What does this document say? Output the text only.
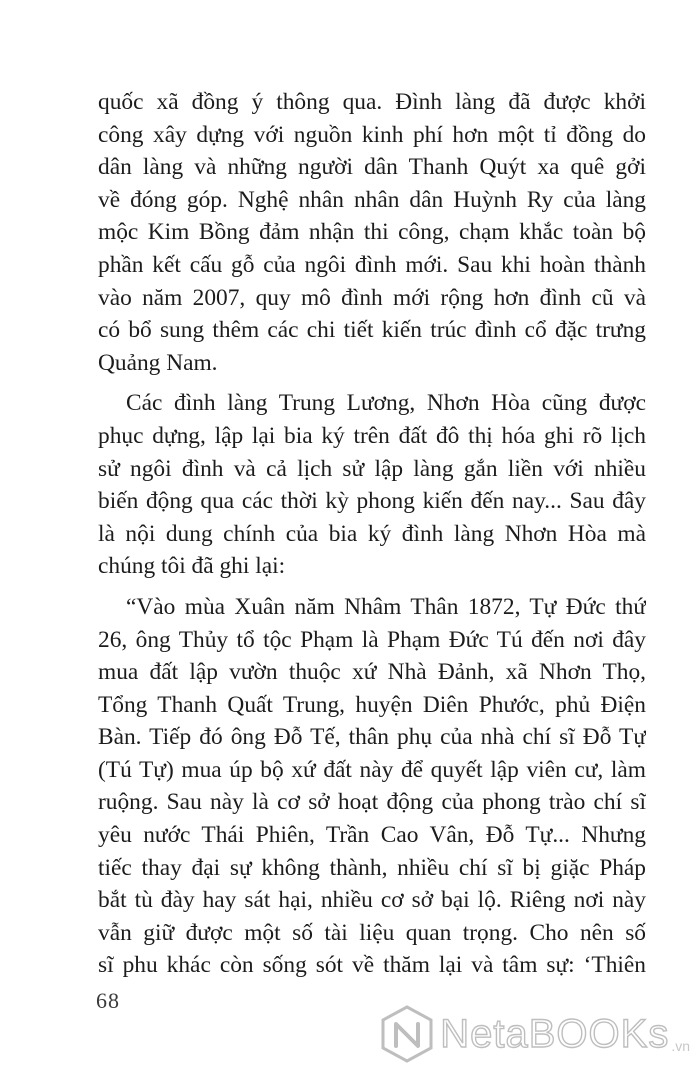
quốc xã đồng ý thông qua. Đình làng đã được khởi
công xây dựng với nguồn kinh phí hơn một tỉ đồng do
dân làng và những người dân Thanh Quýt xa quê gởi
về đóng góp. Nghệ nhân nhân dân Huỳnh Ry của làng
mộc Kim Bồng đảm nhận thi công, chạm khắc toàn bộ
phần kết cấu gỗ của ngôi đình mới. Sau khi hoàn thành
vào năm 2007, quy mô đình mới rộng hơn đình cũ và
có bổ sung thêm các chi tiết kiến trúc đình cổ đặc trưng
Quảng Nam.
Các đình làng Trung Lương, Nhơn Hòa cũng được
phục dựng, lập lại bia ký trên đất đô thị hóa ghi rõ lịch
sử ngôi đình và cả lịch sử lập làng gắn liền với nhiều
biến động qua các thời kỳ phong kiến đến nay... Sau đây
là nội dung chính của bia ký đình làng Nhơn Hòa mà
chúng tôi đã ghi lại:
“Vào mùa Xuân năm Nhâm Thân 1872, Tự Đức thứ
26, ông Thủy tổ tộc Phạm là Phạm Đức Tú đến nơi đây
mua đất lập vườn thuộc xứ Nhà Đảnh, xã Nhơn Thọ,
Tổng Thanh Quất Trung, huyện Diên Phước, phủ Điện
Bàn. Tiếp đó ông Đỗ Tế, thân phụ của nhà chí sĩ Đỗ Tự
(Tú Tự) mua úp bộ xứ đất này để quyết lập viên cư, làm
ruộng. Sau này là cơ sở hoạt động của phong trào chí sĩ
yêu nước Thái Phiên, Trần Cao Vân, Đỗ Tự... Nhưng
tiếc thay đại sự không thành, nhiều chí sĩ bị giặc Pháp
bắt tù đày hay sát hại, nhiều cơ sở bại lộ. Riêng nơi này
vẫn giữ được một số tài liệu quan trọng. Cho nên số
sĩ phu khác còn sống sót về thăm lại và tâm sự: ‘Thiên
68
NetaBOOKs .vn
